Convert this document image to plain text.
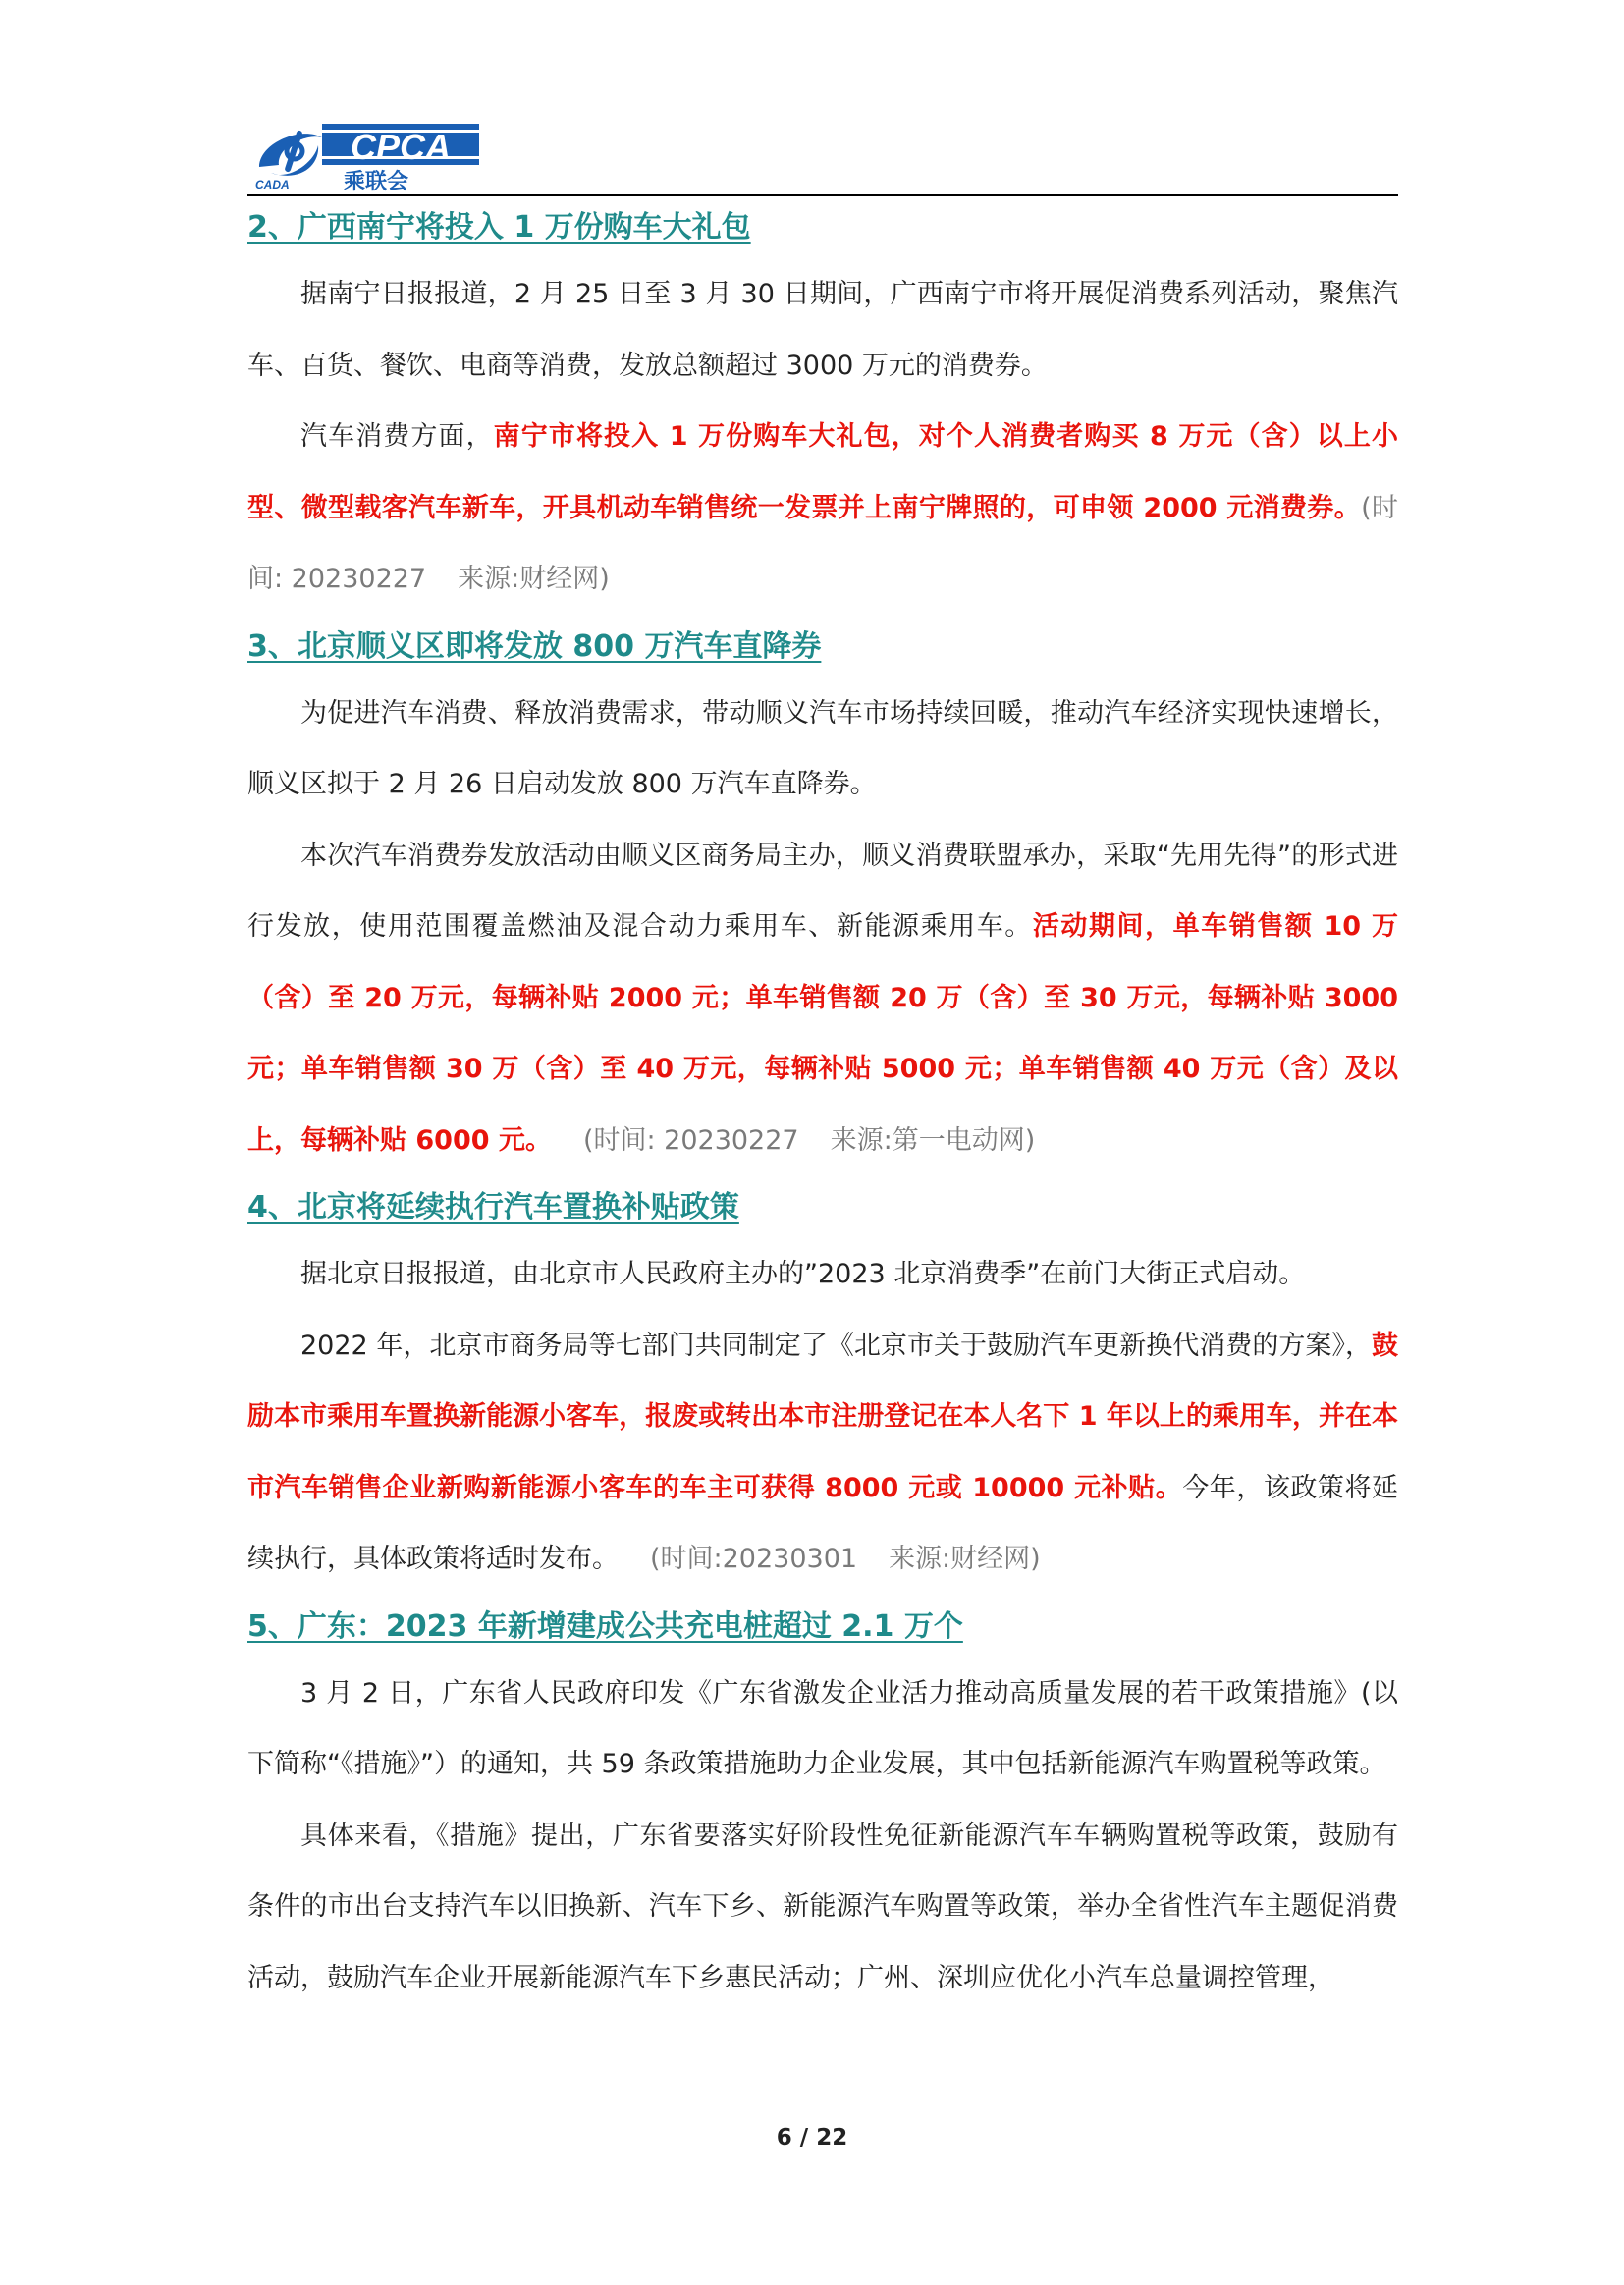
CPCA
乘联会
CADA
2、广西南宁将投入 1 万份购车大礼包

据南宁日报报道，2 月 25 日至 3 月 30 日期间，广西南宁市将开展促消费系列活动，聚焦汽车、百货、餐饮、电商等消费，发放总额超过 3000 万元的消费券。

汽车消费方面，南宁市将投入 1 万份购车大礼包，对个人消费者购买 8 万元（含）以上小型、微型载客汽车新车，开具机动车销售统一发票并上南宁牌照的，可申领 2000 元消费券。(时间: 20230227 来源:财经网)

3、北京顺义区即将发放 800 万汽车直降券

为促进汽车消费、释放消费需求，带动顺义汽车市场持续回暖，推动汽车经济实现快速增长，顺义区拟于 2 月 26 日启动发放 800 万汽车直降券。

本次汽车消费券发放活动由顺义区商务局主办，顺义消费联盟承办，采取“先用先得”的形式进行发放，使用范围覆盖燃油及混合动力乘用车、新能源乘用车。活动期间，单车销售额 10 万（含）至 20 万元，每辆补贴 2000 元；单车销售额 20 万（含）至 30 万元，每辆补贴 3000 元；单车销售额 30 万（含）至 40 万元，每辆补贴 5000 元；单车销售额 40 万元（含）及以上，每辆补贴 6000 元。 (时间: 20230227 来源:第一电动网)

4、北京将延续执行汽车置换补贴政策

据北京日报报道，由北京市人民政府主办的”2023 北京消费季”在前门大街正式启动。

2022 年，北京市商务局等七部门共同制定了《北京市关于鼓励汽车更新换代消费的方案》，鼓励本市乘用车置换新能源小客车，报废或转出本市注册登记在本人名下 1 年以上的乘用车，并在本市汽车销售企业新购新能源小客车的车主可获得 8000 元或 10000 元补贴。今年，该政策将延续执行，具体政策将适时发布。 (时间:20230301 来源:财经网)

5、广东：2023 年新增建成公共充电桩超过 2.1 万个

3 月 2 日，广东省人民政府印发《广东省激发企业活力推动高质量发展的若干政策措施》(以下简称“《措施》”）的通知，共 59 条政策措施助力企业发展，其中包括新能源汽车购置税等政策。

具体来看，《措施》提出，广东省要落实好阶段性免征新能源汽车车辆购置税等政策，鼓励有条件的市出台支持汽车以旧换新、汽车下乡、新能源汽车购置等政策，举办全省性汽车主题促消费活动，鼓励汽车企业开展新能源汽车下乡惠民活动；广州、深圳应优化小汽车总量调控管理，

6 / 22
